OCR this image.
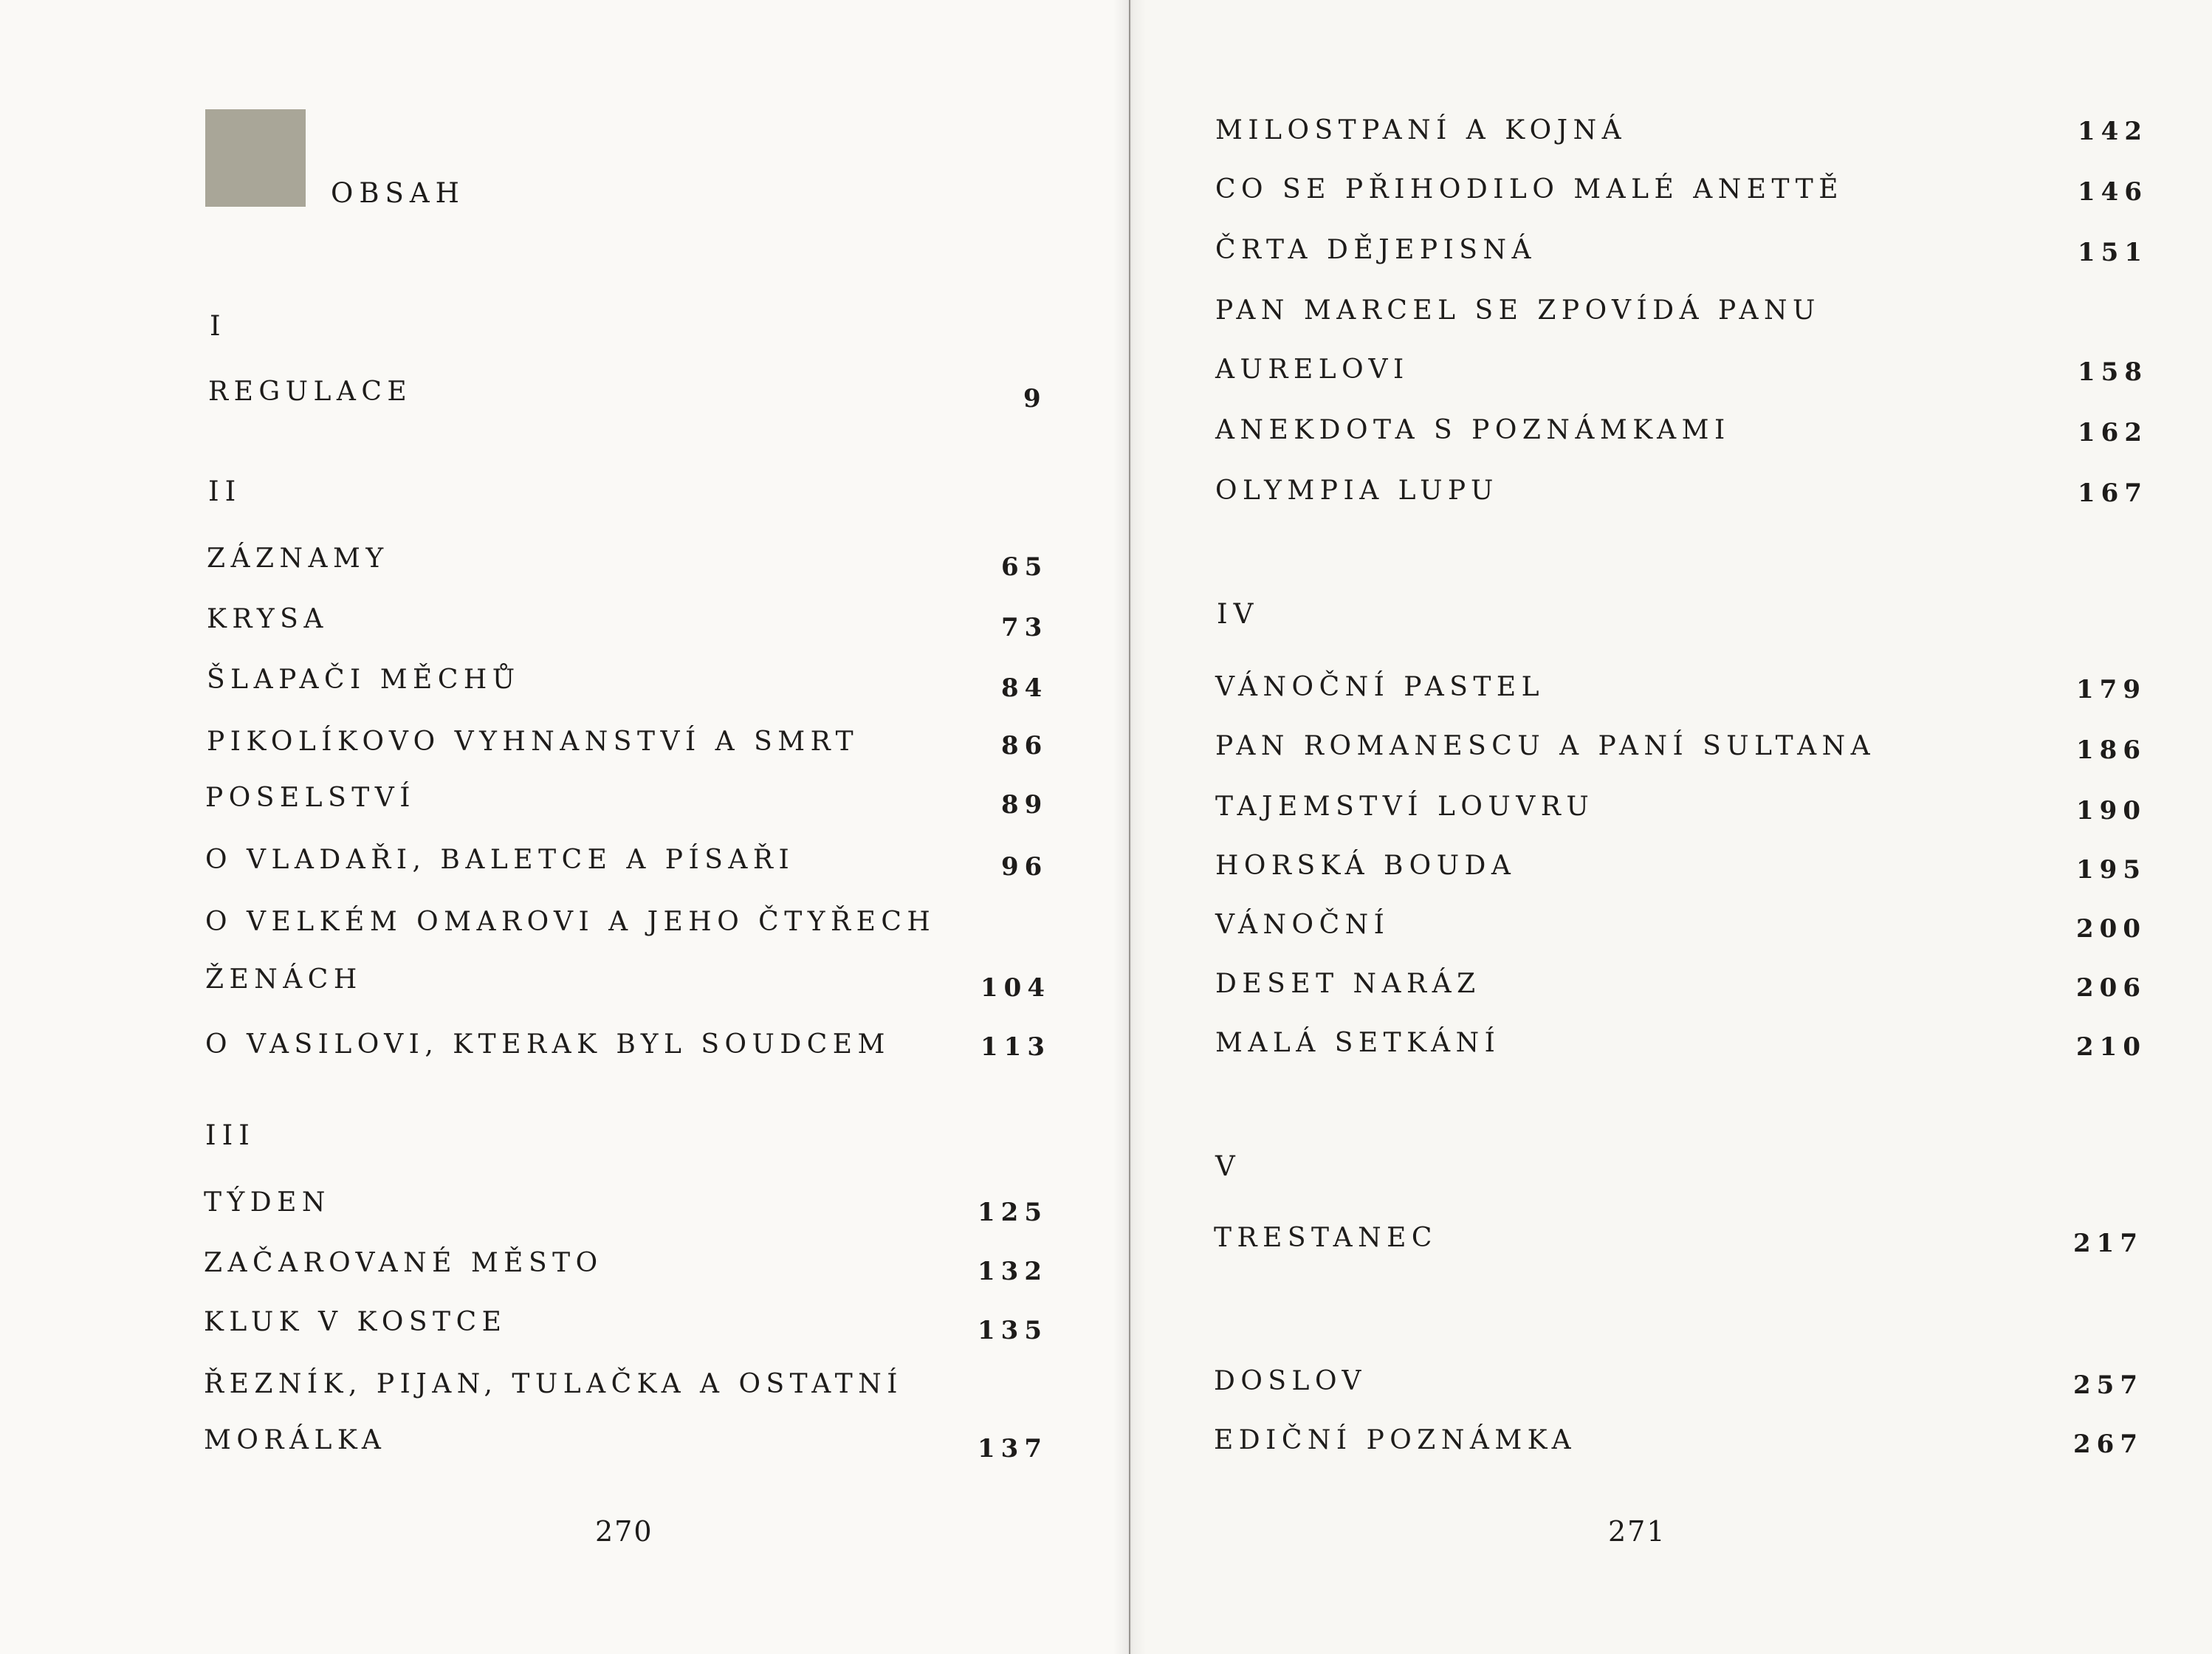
OBSAH
I
REGULACE	9
II
ZÁZNAMY	65
KRYSA	73
ŠLAPAČI MĚCHŮ	84
PIKOLÍKOVO VYHNANSTVÍ A SMRT	86
POSELSTVÍ	89
O VLADAŘI, BALETCE A PÍSAŘI	96
O VELKÉM OMAROVI A JEHO ČTYŘECH
ŽENÁCH	104
O VASILOVI, KTERAK BYL SOUDCEM	113
III
TÝDEN	125
ZAČAROVANÉ MĚSTO	132
KLUK V KOSTCE	135
ŘEZNÍK, PIJAN, TULAČKA A OSTATNÍ
MORÁLKA	137
270
MILOSTPANÍ A KOJNÁ	142
CO SE PŘIHODILO MALÉ ANETTĚ	146
ČRTA DĚJEPISNÁ	151
PAN MARCEL SE ZPOVÍDÁ PANU
AURELOVI	158
ANEKDOTA S POZNÁMKAMI	162
OLYMPIA LUPU	167
IV
VÁNOČNÍ PASTEL	179
PAN ROMANESCU A PANÍ SULTANA	186
TAJEMSTVÍ LOUVRU	190
HORSKÁ BOUDA	195
VÁNOČNÍ	200
DESET NARÁZ	206
MALÁ SETKÁNÍ	210
V
TRESTANEC	217
DOSLOV	257
EDIČNÍ POZNÁMKA	267
271
